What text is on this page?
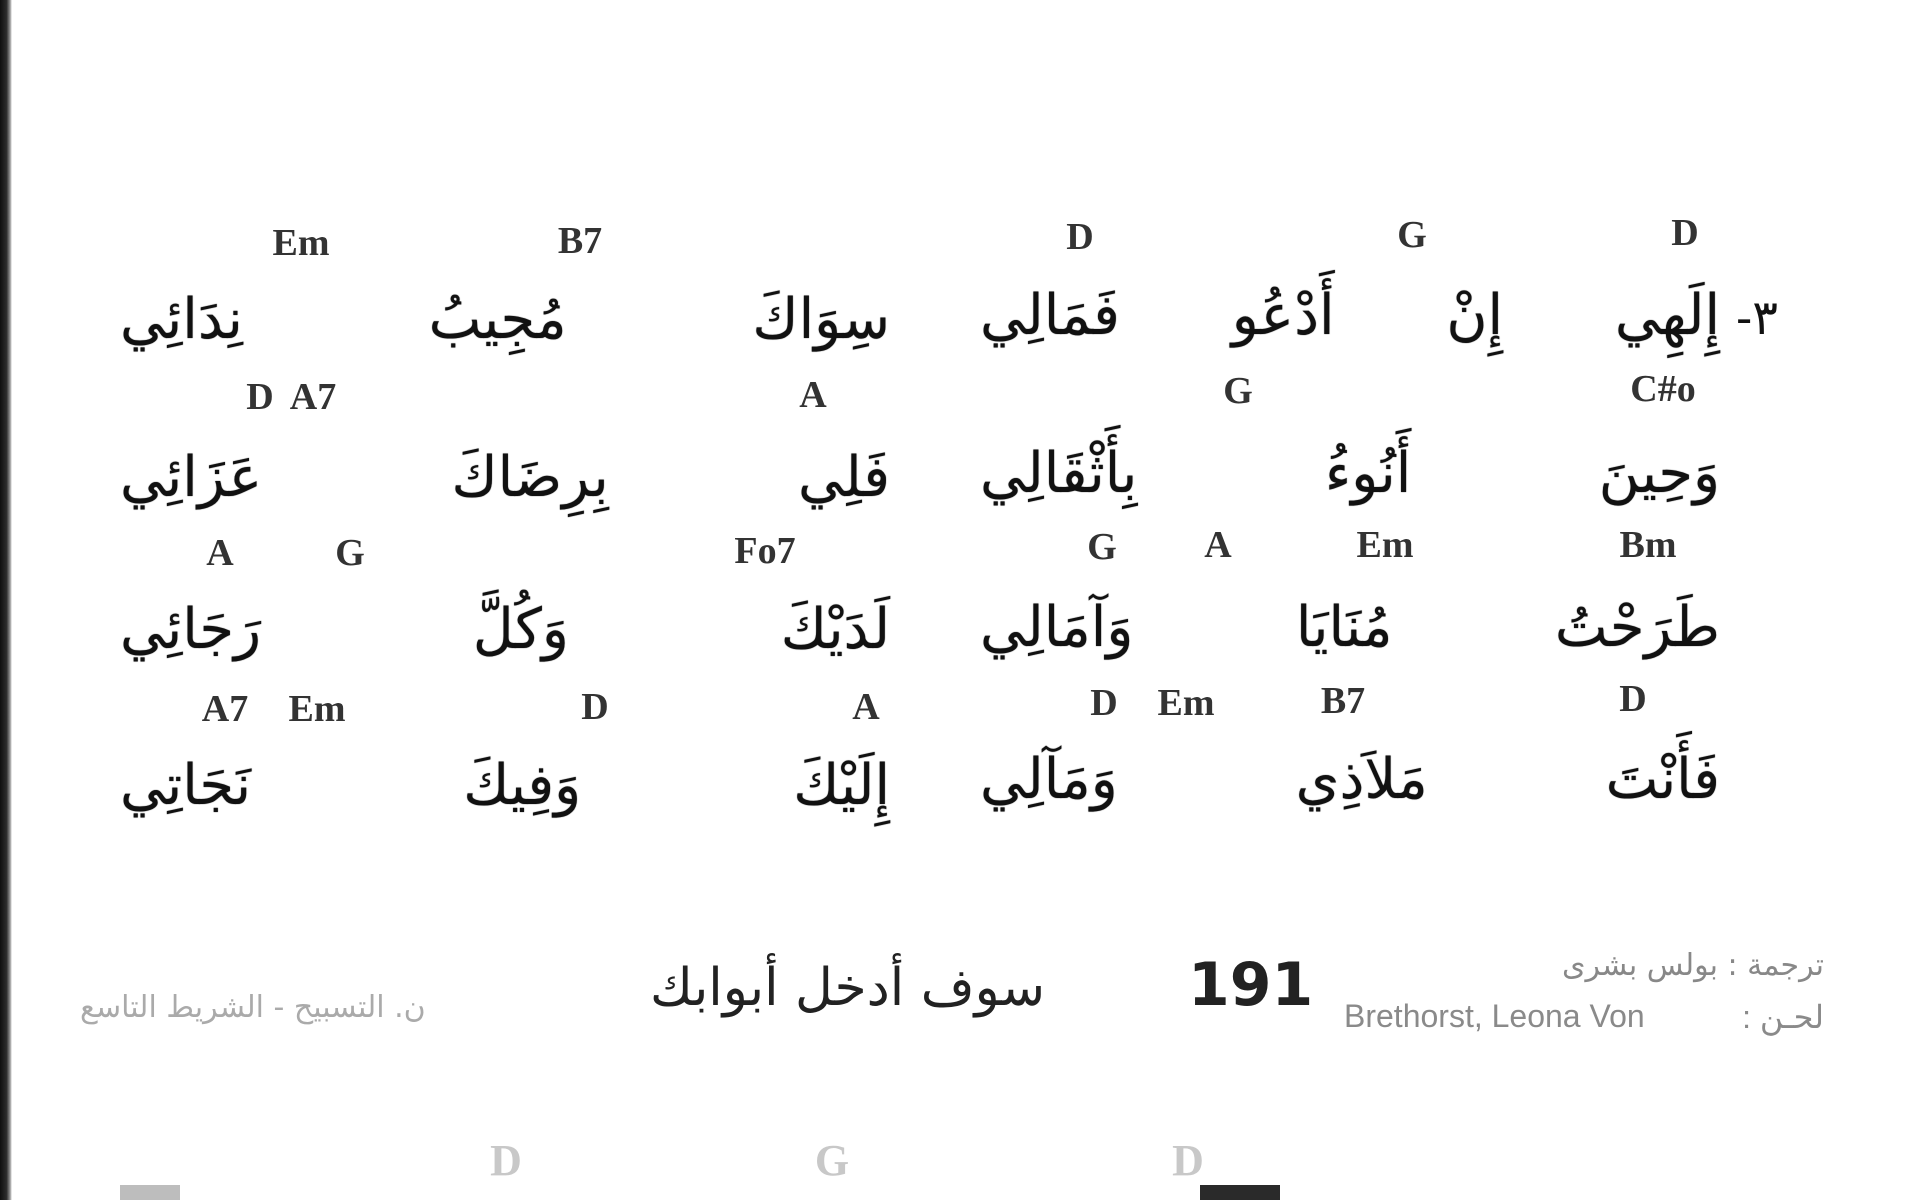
D	G	D
Em	B7
٣-
إِلَهِي إِنْ أَدْعُو فَمَالِي
سِوَاكَ مُجِيبُ نِدَائِي
G	C#o
D A7	A
وَحِينَ أَنُوءُ بِأَثْقَالِي
فَلِي بِرِضَاكَ عَزَائِي
G A	Em	Bm
A	G	Fo7
طَرَحْتُ مُنَايَا وَآمَالِي
لَدَيْكَ وَكُلَّ رَجَائِي
D Em	B7	D
A7 Em	D	A
فَأَنْتَ مَلاَذِي وَمَآلِي
إِلَيْكَ وَفِيكَ نَجَاتِي
سوف أدخل أبوابك 191	ترجمة : بولس بشرى
لحـن :
Brethorst, Leona Von
ن. التسبيح - الشريط التاسع
D	G	D
